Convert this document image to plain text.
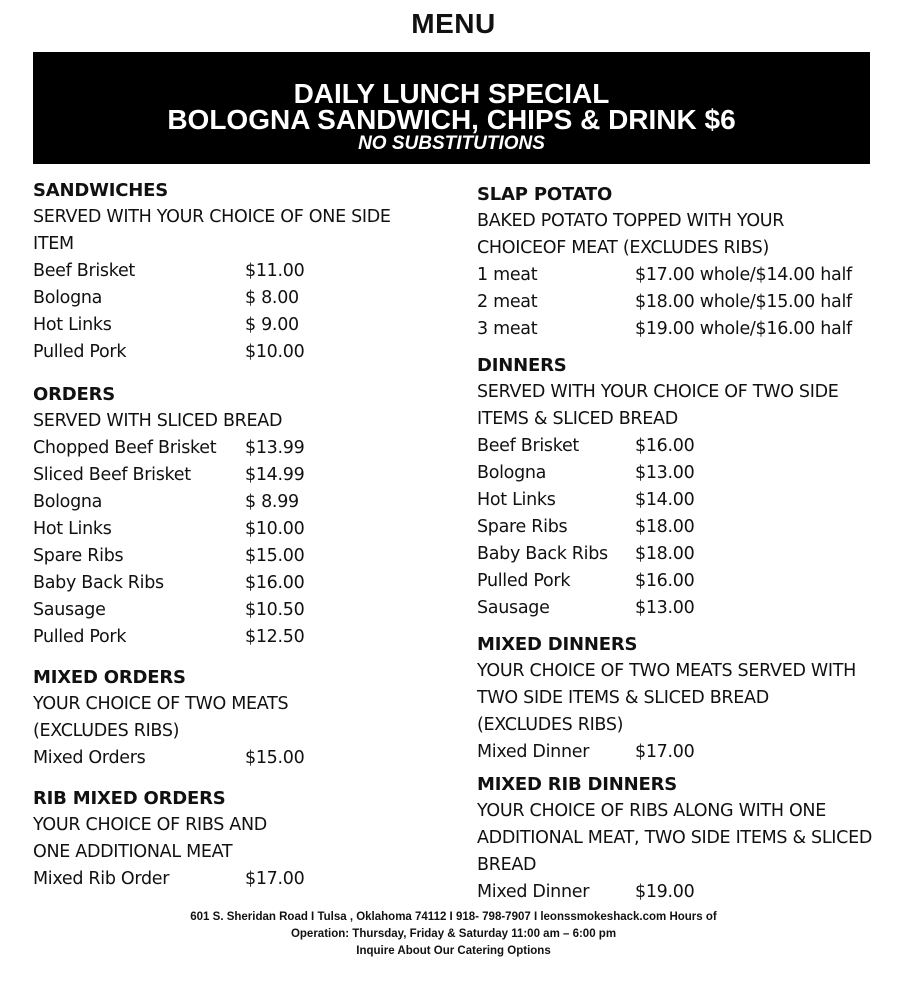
MENU
DAILY LUNCH SPECIAL
BOLOGNA SANDWICH, CHIPS & DRINK $6
NO SUBSTITUTIONS
SANDWICHES
SERVED WITH YOUR CHOICE OF ONE SIDE
ITEM
Beef Brisket	$11.00
Bologna	$ 8.00
Hot Links	$ 9.00
Pulled Pork	$10.00
ORDERS
SERVED WITH SLICED BREAD
Chopped Beef Brisket	$13.99
Sliced Beef Brisket	$14.99
Bologna	$ 8.99
Hot Links	$10.00
Spare Ribs	$15.00
Baby Back Ribs	$16.00
Sausage	$10.50
Pulled Pork	$12.50
MIXED ORDERS
YOUR CHOICE OF TWO MEATS
(EXCLUDES RIBS)
Mixed Orders	$15.00
RIB MIXED ORDERS
YOUR CHOICE OF RIBS AND
ONE ADDITIONAL MEAT
Mixed Rib Order	$17.00
SLAP POTATO
BAKED POTATO TOPPED WITH YOUR
CHOICEOF MEAT (EXCLUDES RIBS)
1 meat	$17.00 whole/$14.00 half
2 meat	$18.00 whole/$15.00 half
3 meat	$19.00 whole/$16.00 half
DINNERS
SERVED WITH YOUR CHOICE OF TWO SIDE
ITEMS & SLICED BREAD
Beef Brisket	$16.00
Bologna	$13.00
Hot Links	$14.00
Spare Ribs	$18.00
Baby Back Ribs	$18.00
Pulled Pork	$16.00
Sausage	$13.00
MIXED DINNERS
YOUR CHOICE OF TWO MEATS SERVED WITH
TWO SIDE ITEMS & SLICED BREAD
(EXCLUDES RIBS)
Mixed Dinner	$17.00
MIXED RIB DINNERS
YOUR CHOICE OF RIBS ALONG WITH ONE
ADDITIONAL MEAT, TWO SIDE ITEMS & SLICED
BREAD
Mixed Dinner	$19.00
601 S. Sheridan Road I Tulsa , Oklahoma 74112 I 918- 798-7907 I leonssmokeshack.com Hours of
Operation: Thursday, Friday & Saturday 11:00 am – 6:00 pm
Inquire About Our Catering Options
